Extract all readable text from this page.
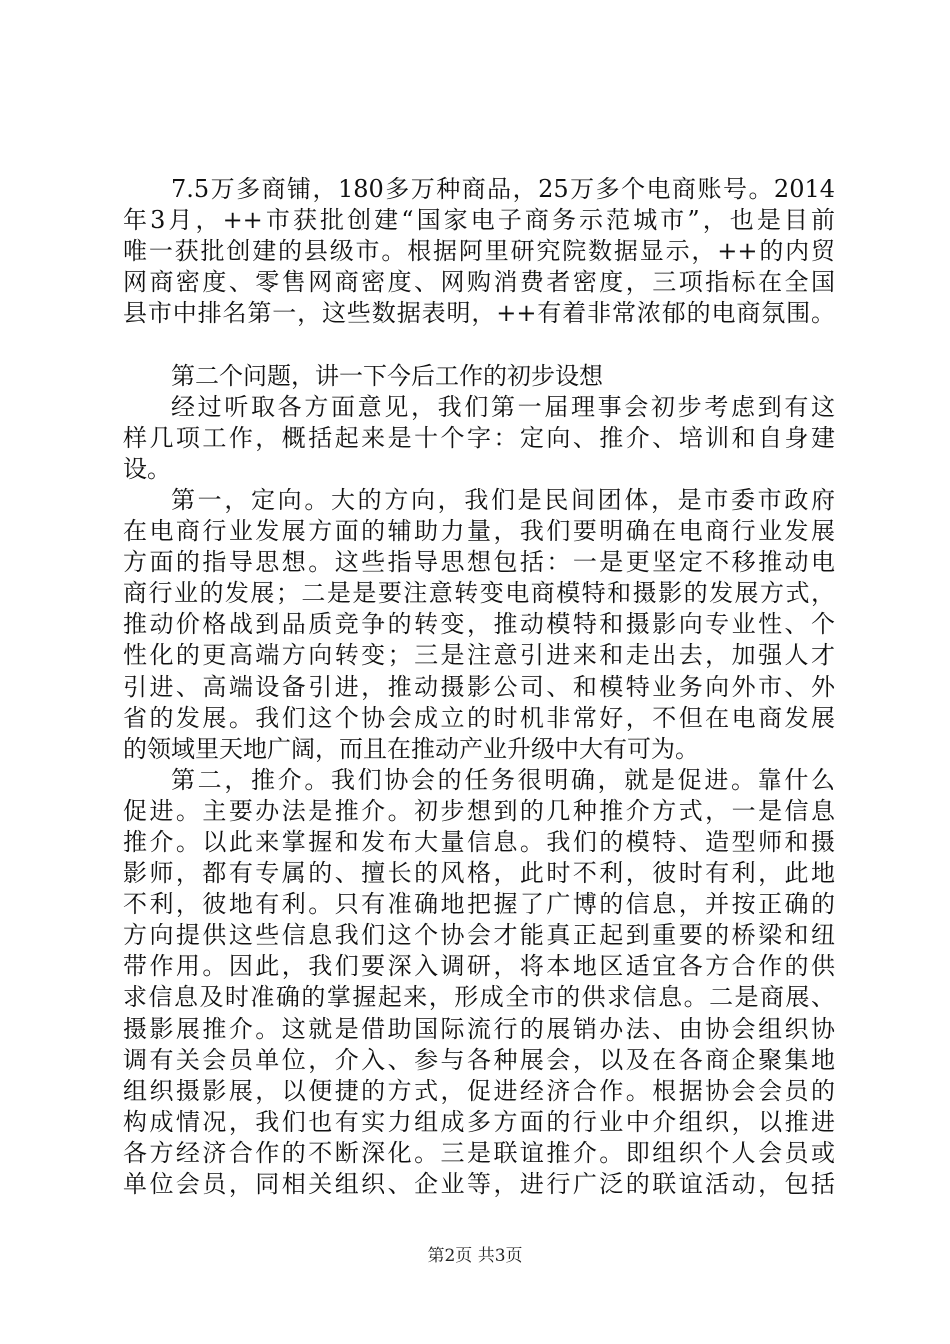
7.5万多商铺，180多万种商品，25万多个电商账号。2014
年3月，++市获批创建“国家电子商务示范城市”，也是目前
唯一获批创建的县级市。根据阿里研究院数据显示，++的内贸
网商密度、零售网商密度、网购消费者密度，三项指标在全国
县市中排名第一，这些数据表明，++有着非常浓郁的电商氛围。
第二个问题，讲一下今后工作的初步设想
经过听取各方面意见，我们第一届理事会初步考虑到有这
样几项工作，概括起来是十个字：定向、推介、培训和自身建
设。
第一，定向。大的方向，我们是民间团体，是市委市政府
在电商行业发展方面的辅助力量，我们要明确在电商行业发展
方面的指导思想。这些指导思想包括：一是更坚定不移推动电
商行业的发展；二是是要注意转变电商模特和摄影的发展方式，
推动价格战到品质竞争的转变，推动模特和摄影向专业性、个
性化的更高端方向转变；三是注意引进来和走出去，加强人才
引进、高端设备引进，推动摄影公司、和模特业务向外市、外
省的发展。我们这个协会成立的时机非常好，不但在电商发展
的领域里天地广阔，而且在推动产业升级中大有可为。
第二，推介。我们协会的任务很明确，就是促进。靠什么
促进。主要办法是推介。初步想到的几种推介方式，一是信息
推介。以此来掌握和发布大量信息。我们的模特、造型师和摄
影师，都有专属的、擅长的风格，此时不利，彼时有利，此地
不利，彼地有利。只有准确地把握了广博的信息，并按正确的
方向提供这些信息我们这个协会才能真正起到重要的桥梁和纽
带作用。因此，我们要深入调研，将本地区适宜各方合作的供
求信息及时准确的掌握起来，形成全市的供求信息。二是商展、
摄影展推介。这就是借助国际流行的展销办法、由协会组织协
调有关会员单位，介入、参与各种展会，以及在各商企聚集地
组织摄影展，以便捷的方式，促进经济合作。根据协会会员的
构成情况，我们也有实力组成多方面的行业中介组织，以推进
各方经济合作的不断深化。三是联谊推介。即组织个人会员或
单位会员，同相关组织、企业等，进行广泛的联谊活动，包括
第2页 共3页
